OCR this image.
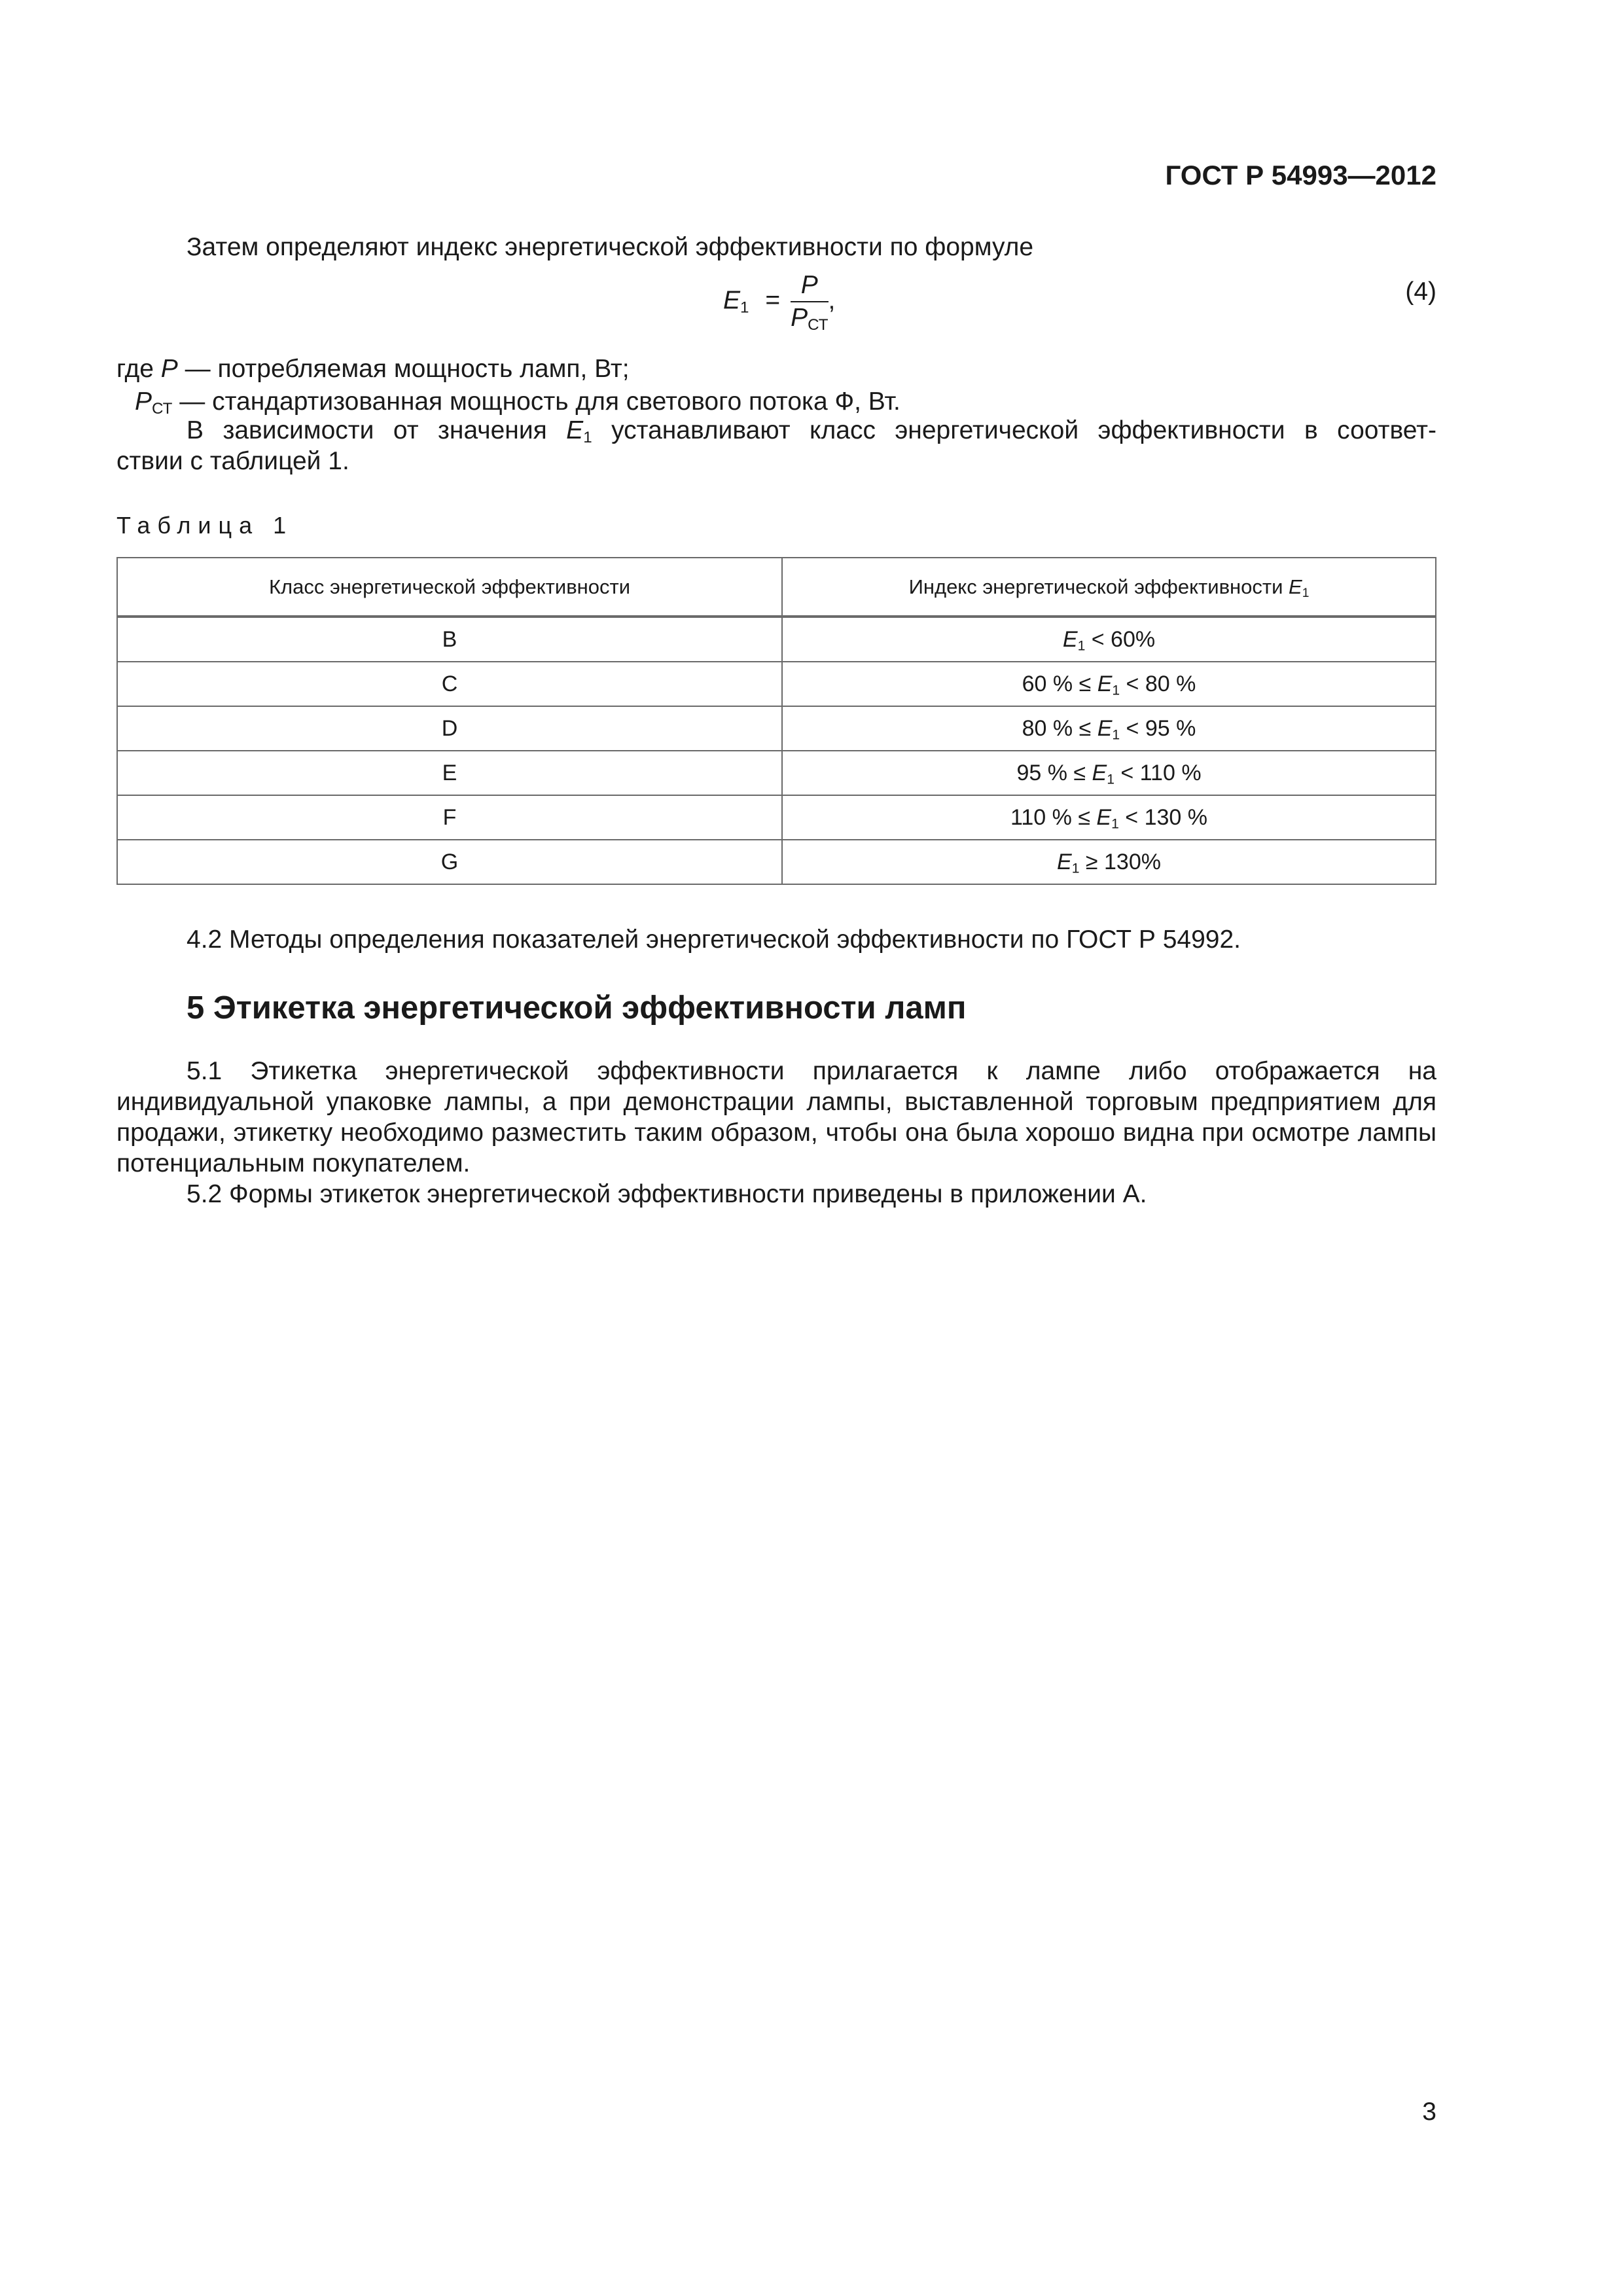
ГОСТ Р 54993—2012
Затем определяют индекс энергетической эффективности по формуле
$E_1 = \frac{P}{P_{СТ}}$ ,	(4)
где P — потребляемая мощность ламп, Вт;
$P_{СТ}$ — стандартизованная мощность для светового потока Ф, Вт.
В зависимости от значения $E_1$ устанавливают класс энергетической эффективности в соответ-
ствии с таблицей 1.
Таблица 1
Класс энергетической эффективности	Индекс энергетической эффективности $E_1$
B	$E_1 < 60\%$
C	60 % ≤ $E_1 < 80$ %
D	80 % ≤ $E_1 < 95$ %
E	95 % ≤ $E_1 < 110$ %
F	110 % ≤ $E_1 < 130$ %
G	$E_1 \ge 130\%$
4.2 Методы определения показателей энергетической эффективности по ГОСТ Р 54992.
5 Этикетка энергетической эффективности ламп
5.1 Этикетка энергетической эффективности прилагается к лампе либо отображается на индивидуальной упаковке лампы, а при демонстрации лампы, выставленной торговым предприятием для продажи, этикетку необходимо разместить таким образом, чтобы она была хорошо видна при осмотре лампы потенциальным покупателем.
5.2 Формы этикеток энергетической эффективности приведены в приложении А.
3
